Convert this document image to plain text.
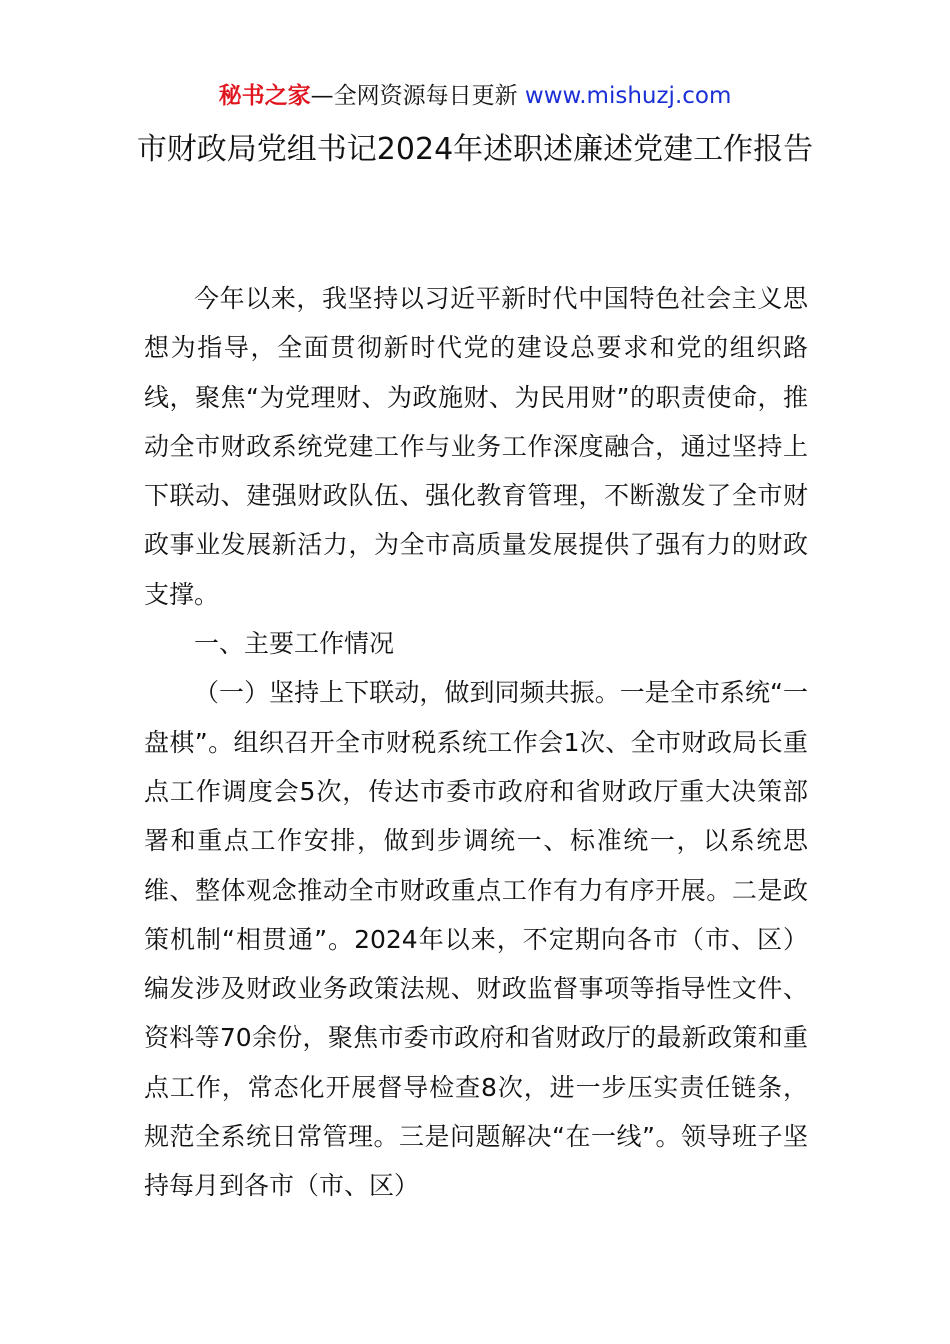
秘书之家—全网资源每日更新 www.mishuzj.com
市财政局党组书记2024年述职述廉述党建工作报告

今年以来，我坚持以习近平新时代中国特色社会主义思想为指导，全面贯彻新时代党的建设总要求和党的组织路线，聚焦“为党理财、为政施财、为民用财”的职责使命，推动全市财政系统党建工作与业务工作深度融合，通过坚持上下联动、建强财政队伍、强化教育管理，不断激发了全市财政事业发展新活力，为全市高质量发展提供了强有力的财政支撑。

一、主要工作情况

（一）坚持上下联动，做到同频共振。一是全市系统“一盘棋”。组织召开全市财税系统工作会1次、全市财政局长重点工作调度会5次，传达市委市政府和省财政厅重大决策部署和重点工作安排，做到步调统一、标准统一，以系统思维、整体观念推动全市财政重点工作有力有序开展。二是政策机制“相贯通”。2024年以来，不定期向各市（市、区）编发涉及财政业务政策法规、财政监督事项等指导性文件、资料等70余份，聚焦市委市政府和省财政厅的最新政策和重点工作，常态化开展督导检查8次，进一步压实责任链条，规范全系统日常管理。三是问题解决“在一线”。领导班子坚持每月到各市（市、区）
